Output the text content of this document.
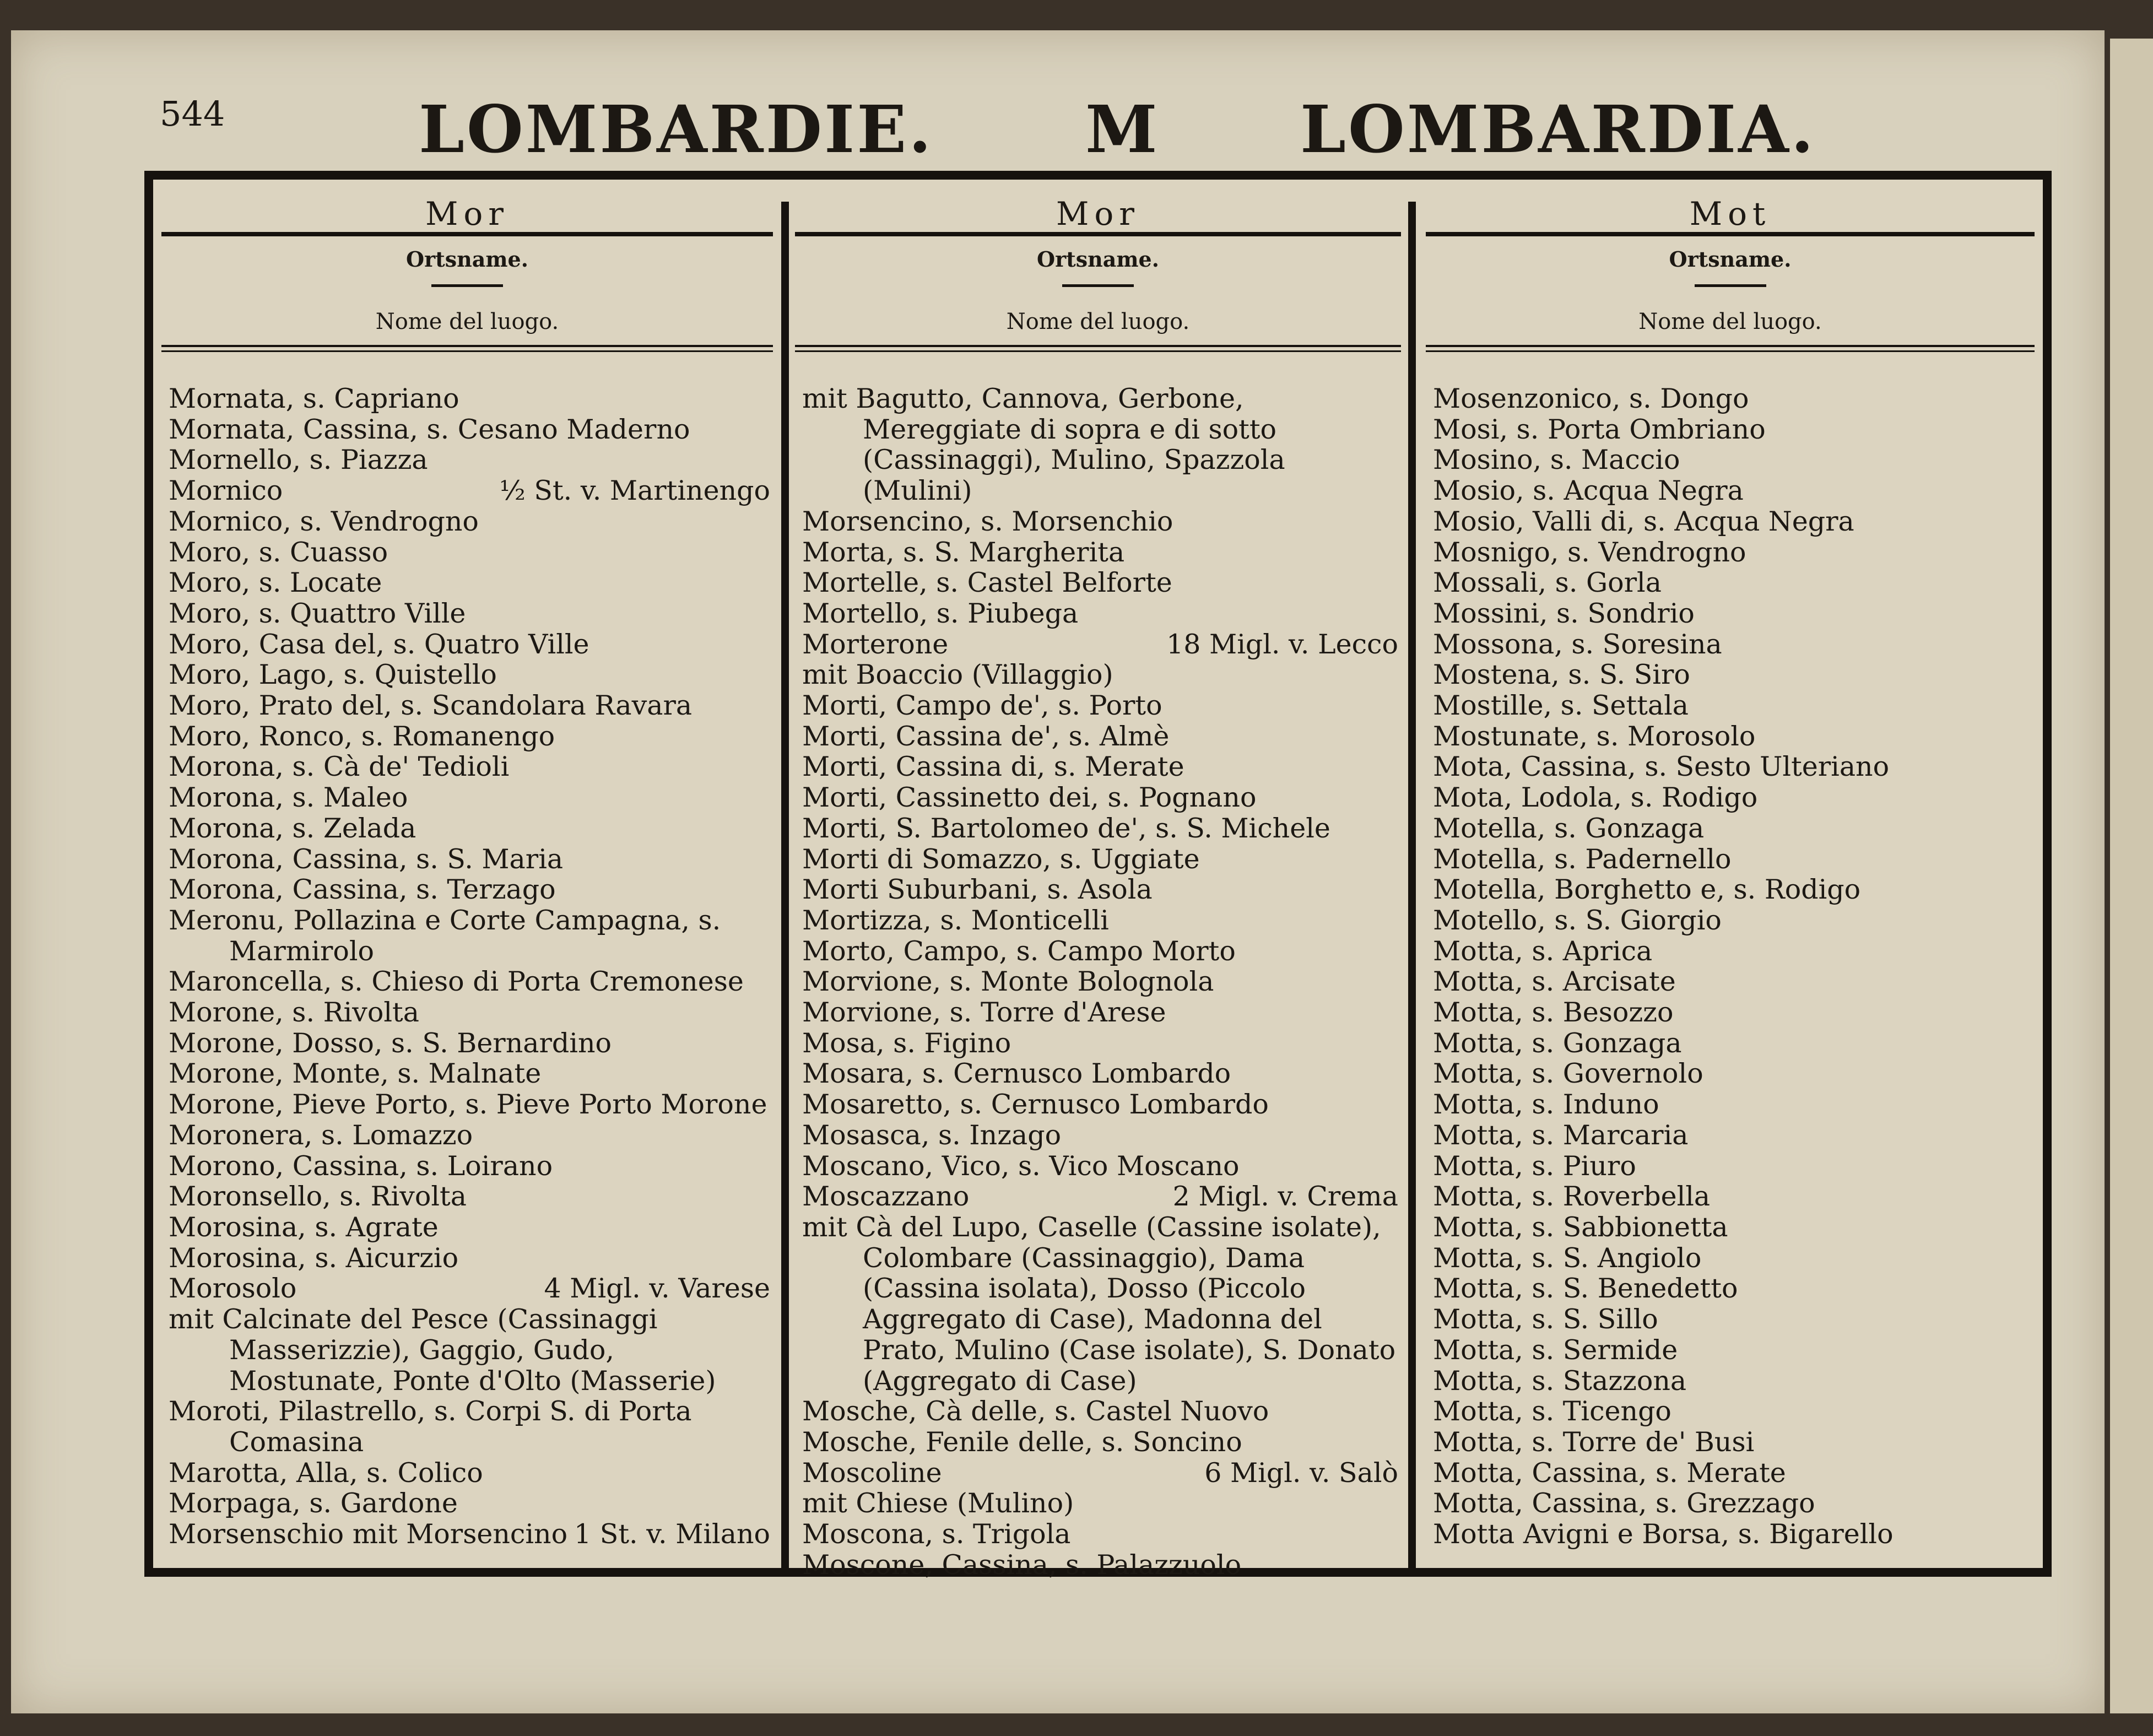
544	LOMBARDIE. M LOMBARDIA.
Mor
Ortsname.
Nome del luogo.
Mornata, s. Capriano
Mornata, Cassina, s. Cesano Maderno
Mornello, s. Piazza
Mornico	½ St. v. Martinengo
Mornico, s. Vendrogno
Moro, s. Cuasso
Moro, s. Locate
Moro, s. Quattro Ville
Moro, Casa del, s. Quatro Ville
Moro, Lago, s. Quistello
Moro, Prato del, s. Scandolara Ravara
Moro, Ronco, s. Romanengo
Morona, s. Cà de' Tedioli
Morona, s. Maleo
Morona, s. Zelada
Morona, Cassina, s. S. Maria
Morona, Cassina, s. Terzago
Meronu, Pollazina e Corte Campagna, s. Marmirolo
Maroncella, s. Chieso di Porta Cremonese
Morone, s. Rivolta
Morone, Dosso, s. S. Bernardino
Morone, Monte, s. Malnate
Morone, Pieve Porto, s. Pieve Porto Morone
Moronera, s. Lomazzo
Morono, Cassina, s. Loirano
Moronsello, s. Rivolta
Morosina, s. Agrate
Morosina, s. Aicurzio
Morosolo	4 Migl. v. Varese
mit Calcinate del Pesce (Cassinaggi Masserizzie), Gaggio, Gudo, Mostunate, Ponte d'Olto (Masserie)
Moroti, Pilastrello, s. Corpi S. di Porta Comasina
Marotta, Alla, s. Colico
Morpaga, s. Gardone
Morsenschio mit Morsencino 1 St. v. Milano
Mor
Ortsname.
Nome del luogo.
mit Bagutto, Cannova, Gerbone, Mereggiate di sopra e di sotto (Cassinaggi), Mulino, Spazzola (Mulini)
Morsencino, s. Morsenchio
Morta, s. S. Margherita
Mortelle, s. Castel Belforte
Mortello, s. Piubega
Morterone	18 Migl. v. Lecco
mit Boaccio (Villaggio)
Morti, Campo de', s. Porto
Morti, Cassina de', s. Almè
Morti, Cassina di, s. Merate
Morti, Cassinetto dei, s. Pognano
Morti, S. Bartolomeo de', s. S. Michele
Morti di Somazzo, s. Uggiate
Morti Suburbani, s. Asola
Mortizza, s. Monticelli
Morto, Campo, s. Campo Morto
Morvione, s. Monte Bolognola
Morvione, s. Torre d'Arese
Mosa, s. Figino
Mosara, s. Cernusco Lombardo
Mosaretto, s. Cernusco Lombardo
Mosasca, s. Inzago
Moscano, Vico, s. Vico Moscano
Moscazzano	2 Migl. v. Crema
mit Cà del Lupo, Caselle (Cassine isolate), Colombare (Cassinaggio), Dama (Cassina isolata), Dosso (Piccolo Aggregato di Case), Madonna del Prato, Mulino (Case isolate), S. Donato (Aggregato di Case)
Mosche, Cà delle, s. Castel Nuovo
Mosche, Fenile delle, s. Soncino
Moscoline	6 Migl. v. Salò
mit Chiese (Mulino)
Moscona, s. Trigola
Moscone, Cassina, s. Palazzuolo
Mot
Ortsname.
Nome del luogo.
Mosenzonico, s. Dongo
Mosi, s. Porta Ombriano
Mosino, s. Maccio
Mosio, s. Acqua Negra
Mosio, Valli di, s. Acqua Negra
Mosnigo, s. Vendrogno
Mossali, s. Gorla
Mossini, s. Sondrio
Mossona, s. Soresina
Mostena, s. S. Siro
Mostille, s. Settala
Mostunate, s. Morosolo
Mota, Cassina, s. Sesto Ulteriano
Mota, Lodola, s. Rodigo
Motella, s. Gonzaga
Motella, s. Padernello
Motella, Borghetto e, s. Rodigo
Motello, s. S. Giorgio
Motta, s. Aprica
Motta, s. Arcisate
Motta, s. Besozzo
Motta, s. Gonzaga
Motta, s. Governolo
Motta, s. Induno
Motta, s. Marcaria
Motta, s. Piuro
Motta, s. Roverbella
Motta, s. Sabbionetta
Motta, s. S. Angiolo
Motta, s. S. Benedetto
Motta, s. S. Sillo
Motta, s. Sermide
Motta, s. Stazzona
Motta, s. Ticengo
Motta, s. Torre de' Busi
Motta, Cassina, s. Merate
Motta, Cassina, s. Grezzago
Motta Avigni e Borsa, s. Bigarello
